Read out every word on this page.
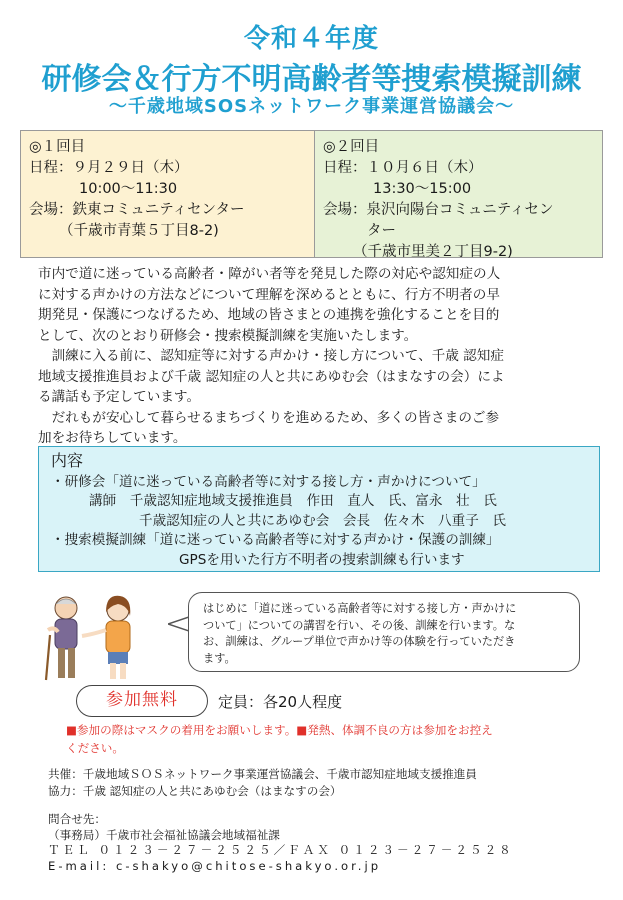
令和４年度
研修会＆行方不明高齢者等捜索模擬訓練
～千歳地域SOSネットワーク事業運営協議会～
◎１回目
日程：９月２９日（木）
10:00～11:30
会場：鉄東コミュニティセンター
（千歳市青葉５丁目8-2)
◎２回目
日程：１０月６日（木）
13:30～15:00
会場：泉沢向陽台コミュニティセン
ター
（千歳市里美２丁目9-2)

市内で道に迷っている高齢者・障がい者等を発見した際の対応や認知症の人

に対する声かけの方法などについて理解を深めるとともに、行方不明者の早

期発見・保護につなげるため、地域の皆さまとの連携を強化することを目的

として、次のとおり研修会・捜索模擬訓練を実施いたします。

　訓練に入る前に、認知症等に対する声かけ・接し方について、千歳 認知症

地域支援推進員および千歳 認知症の人と共にあゆむ会（はまなすの会）によ

る講話も予定しています。

　だれもが安心して暮らせるまちづくりを進めるため、多くの皆さまのご参

加をお待ちしています。

内容
・研修会「道に迷っている高齢者等に対する接し方・声かけについて」
講師　千歳認知症地域支援推進員　作田　直人　氏、富永　壮　氏
千歳認知症の人と共にあゆむ会　会長　佐々木　八重子　氏
・捜索模擬訓練「道に迷っている高齢者等に対する声かけ・保護の訓練」
GPSを用いた行方不明者の捜索訓練も行います
はじめに「道に迷っている高齢者等に対する接し方・声かけに
ついて」についての講習を行い、その後、訓練を行います。な
お、訓練は、グループ単位で声かけ等の体験を行っていただき
ます。
参加無料	定員：各20人程度
■参加の際はマスクの着用をお願いします。■発熱、体調不良の方は参加をお控え
ください。
共催：千歳地域ＳＯＳネットワーク事業運営協議会、千歳市認知症地域支援推進員
協力：千歳 認知症の人と共にあゆむ会（はまなすの会）
問合せ先：
（事務局）千歳市社会福祉協議会地域福祉課
ＴＥＬ ０１２３－２７－２５２５／ＦＡＸ ０１２３－２７－２５２８
E-mail: c-shakyo@chitose-shakyo.or.jp
